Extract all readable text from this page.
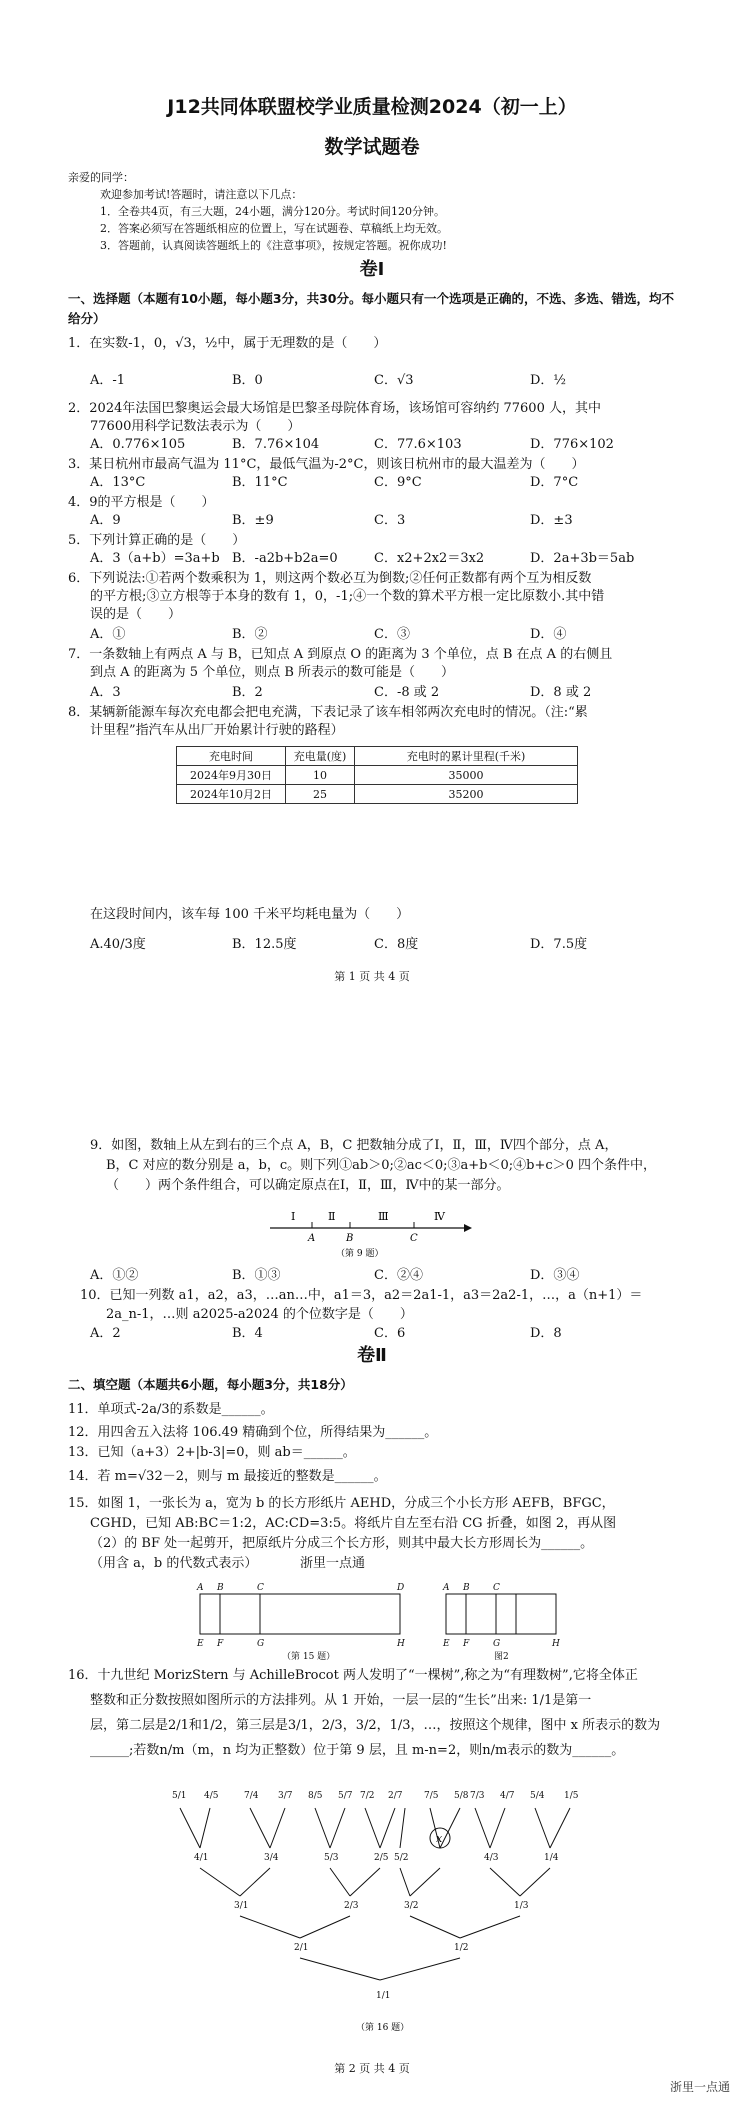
J12共同体联盟校学业质量检测2024（初一上）
数学试题卷
亲爱的同学：
欢迎参加考试!答题时，请注意以下几点：
1．全卷共4页，有三大题，24小题，满分120分。考试时间120分钟。
2．答案必须写在答题纸相应的位置上，写在试题卷、草稿纸上均无效。
3．答题前，认真阅读答题纸上的《注意事项》，按规定答题。祝你成功!
卷Ⅰ
一、选择题（本题有10小题，每小题3分，共30分。每小题只有一个选项是正确的，不选、多选、错选，均不给分）
1．在实数-1，0，√3，½中，属于无理数的是（　　）
A．-1	B．0	C．√3	D．½
2．2024年法国巴黎奥运会最大场馆是巴黎圣母院体育场，该场馆可容纳约 77600 人，其中
77600用科学记数法表示为（　　）
A．0.776×105	B．7.76×104	C．77.6×103	D．776×102
3．某日杭州市最高气温为 11°C，最低气温为-2°C，则该日杭州市的最大温差为（　　）
A．13°C	B．11°C	C．9°C	D．7°C
4．9的平方根是（　　）
A．9	B．±9	C．3	D．±3
5．下列计算正确的是（　　）
A．3（a+b）=3a+b B．-a2b+b2a=0	C．x2+2x2＝3x2	D．2a+3b＝5ab
6．下列说法:①若两个数乘积为 1，则这两个数必互为倒数;②任何正数都有两个互为相反数
的平方根;③立方根等于本身的数有 1，0，-1;④一个数的算术平方根一定比原数小.其中错
误的是（　　）
A．①	B．②	C．③	D．④
7．一条数轴上有两点 A 与 B，已知点 A 到原点 O 的距离为 3 个单位，点 B 在点 A 的右侧且
到点 A 的距离为 5 个单位，则点 B 所表示的数可能是（　　）
A．3	B．2	C．-8 或 2	D．8 或 2
8．某辆新能源车每次充电都会把电充满，下表记录了该车相邻两次充电时的情况。（注:“累
计里程”指汽车从出厂开始累计行驶的路程）
充电时间	充电量(度)	充电时的累计里程(千米)
2024年9月30日	10	35000
2024年10月2日	25	35200
在这段时间内，该车每 100 千米平均耗电量为（　　）
A.40/3度	B．12.5度	C．8度	D．7.5度
第 1 页 共 4 页
9．如图，数轴上从左到右的三个点 A，B，C 把数轴分成了Ⅰ，Ⅱ，Ⅲ，Ⅳ四个部分，点 A，
B，C 对应的数分别是 a，b，c。则下列①ab＞0;②ac＜0;③a+b＜0;④b+c＞0 四个条件中，
（　　）两个条件组合，可以确定原点在Ⅰ，Ⅱ，Ⅲ，Ⅳ中的某一部分。
Ⅰ	Ⅱ	Ⅲ	Ⅳ
A	B	C
（第 9 题）
A．①②	B．①③	C．②④	D．③④
10．已知一列数 a1，a2，a3，…an…中，a1＝3，a2＝2a1-1，a3＝2a2-1，…，a（n+1）＝
2a_n-1，…则 a2025-a2024 的个位数字是（　　）
A．2	B．4	C．6	D．8
卷Ⅱ
二、填空题（本题共6小题，每小题3分，共18分）
11．单项式-2a/3的系数是______。
12．用四舍五入法将 106.49 精确到个位，所得结果为______。
13．已知（a+3）2+|b-3|=0，则 ab＝______。
14．若 m=√32－2，则与 m 最接近的整数是______。
15．如图 1，一张长为 a，宽为 b 的长方形纸片 AEHD，分成三个小长方形 AEFB，BFGC，
CGHD，已知 AB:BC＝1:2，AC:CD=3:5。将纸片自左至右沿 CG 折叠，如图 2，再从图
（2）的 BF 处一起剪开，把原纸片分成三个长方形，则其中最大长方形周长为______。
（用含 a，b 的代数式表示）	浙里一点通
A B	C	D
E F	G	H
（第 15 题）
A B	C
E F	G	H
图2
16．十九世纪 MorizStern 与 AchilleBrocot 两人发明了“一棵树”,称之为“有理数树”,它将全体正
整数和正分数按照如图所示的方法排列。从 1 开始，一层一层的“生长”出来: 1/1是第一
层，第二层是2/1和1/2，第三层是3/1，2/3，3/2，1/3，…，按照这个规律，图中 x 所表示的数为
______;若数n/m（m，n 均为正整数）位于第 9 层，且 m-n=2，则n/m表示的数为______。
x
1/1
2/1	1/2
3/1	2/3	3/2	1/3
4/1	3/4	5/3	2/5 5/2	4/3	1/4
5/1 4/5	7/4 3/7 8/5 5/7 7/2 2/7 7/5 5/8 7/3 4/7 5/4 1/5
（第 16 题）
第 2 页 共 4 页
浙里一点通
